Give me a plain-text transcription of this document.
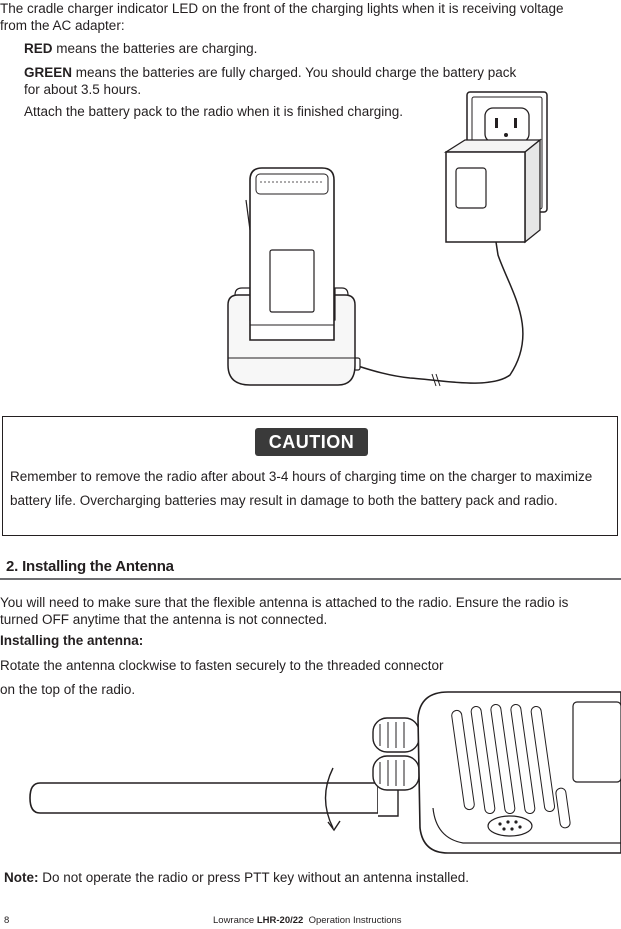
The cradle charger indicator LED on the front of the charging lights when it is receiving voltage
from the AC adapter:
RED means the batteries are charging.
GREEN means the batteries are fully charged. You should charge the battery pack
for about 3.5 hours.
Attach the battery pack to the radio when it is finished charging.
CAUTION
Remember to remove the radio after about 3-4 hours of charging time on the charger to maximize battery life. Overcharging batteries may result in damage to both the battery pack and radio.
2. Installing the Antenna
You will need to make sure that the flexible antenna is attached to the radio. Ensure the radio is
turned OFF anytime that the antenna is not connected.
Installing the antenna:
Rotate the antenna clockwise to fasten securely to the threaded connector
on the top of the radio.
Note: Do not operate the radio or press PTT key without an antenna installed.
8	Lowrance LHR-20/22  Operation Instructions
